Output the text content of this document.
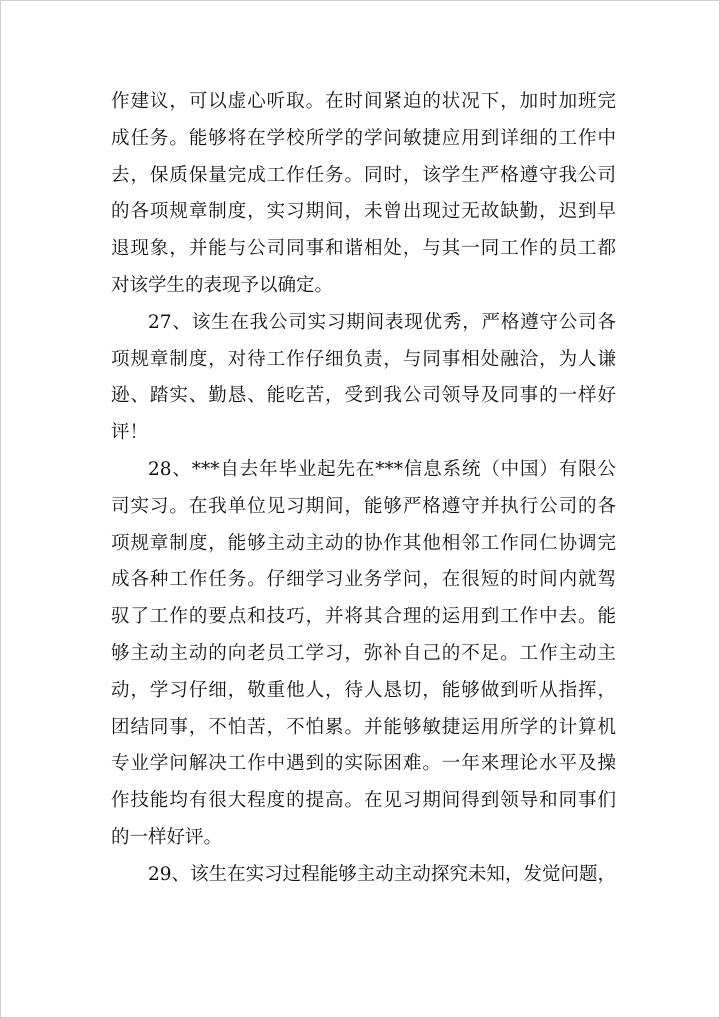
作建议，可以虚心听取。在时间紧迫的状况下，加时加班完
成任务。能够将在学校所学的学问敏捷应用到详细的工作中
去，保质保量完成工作任务。同时，该学生严格遵守我公司
的各项规章制度，实习期间，未曾出现过无故缺勤，迟到早
退现象，并能与公司同事和谐相处，与其一同工作的员工都
对该学生的表现予以确定。
27、该生在我公司实习期间表现优秀，严格遵守公司各
项规章制度，对待工作仔细负责，与同事相处融洽，为人谦
逊、踏实、勤恳、能吃苦，受到我公司领导及同事的一样好
评！
28、***自去年毕业起先在***信息系统（中国）有限公
司实习。在我单位见习期间，能够严格遵守并执行公司的各
项规章制度，能够主动主动的协作其他相邻工作同仁协调完
成各种工作任务。仔细学习业务学问，在很短的时间内就驾
驭了工作的要点和技巧，并将其合理的运用到工作中去。能
够主动主动的向老员工学习，弥补自己的不足。工作主动主
动，学习仔细，敬重他人，待人恳切，能够做到听从指挥，
团结同事，不怕苦，不怕累。并能够敏捷运用所学的计算机
专业学问解决工作中遇到的实际困难。一年来理论水平及操
作技能均有很大程度的提高。在见习期间得到领导和同事们
的一样好评。
29、该生在实习过程能够主动主动探究未知，发觉问题，
